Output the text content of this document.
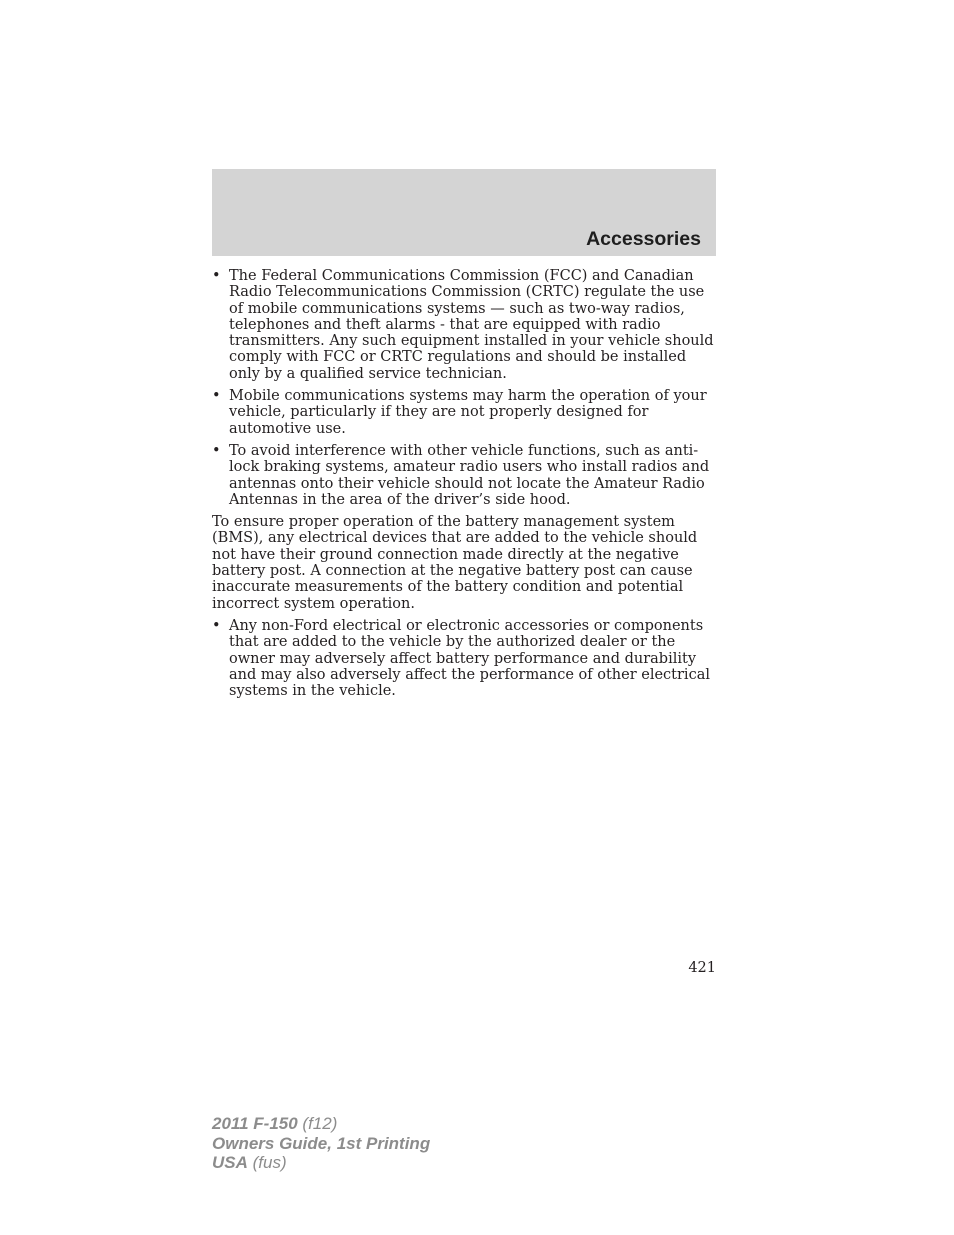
Accessories
• The Federal Communications Commission (FCC) and Canadian Radio Telecommunications Commission (CRTC) regulate the use of mobile communications systems — such as two-way radios, telephones and theft alarms - that are equipped with radio transmitters. Any such equipment installed in your vehicle should comply with FCC or CRTC regulations and should be installed only by a qualified service technician.
• Mobile communications systems may harm the operation of your vehicle, particularly if they are not properly designed for automotive use.
• To avoid interference with other vehicle functions, such as anti-lock braking systems, amateur radio users who install radios and antennas onto their vehicle should not locate the Amateur Radio Antennas in the area of the driver’s side hood.

To ensure proper operation of the battery management system (BMS), any electrical devices that are added to the vehicle should not have their ground connection made directly at the negative battery post. A connection at the negative battery post can cause inaccurate measurements of the battery condition and potential incorrect system operation.

• Any non-Ford electrical or electronic accessories or components that are added to the vehicle by the authorized dealer or the owner may adversely affect battery performance and durability and may also adversely affect the performance of other electrical systems in the vehicle.
421
2011 F-150 (f12)
Owners Guide, 1st Printing
USA (fus)
